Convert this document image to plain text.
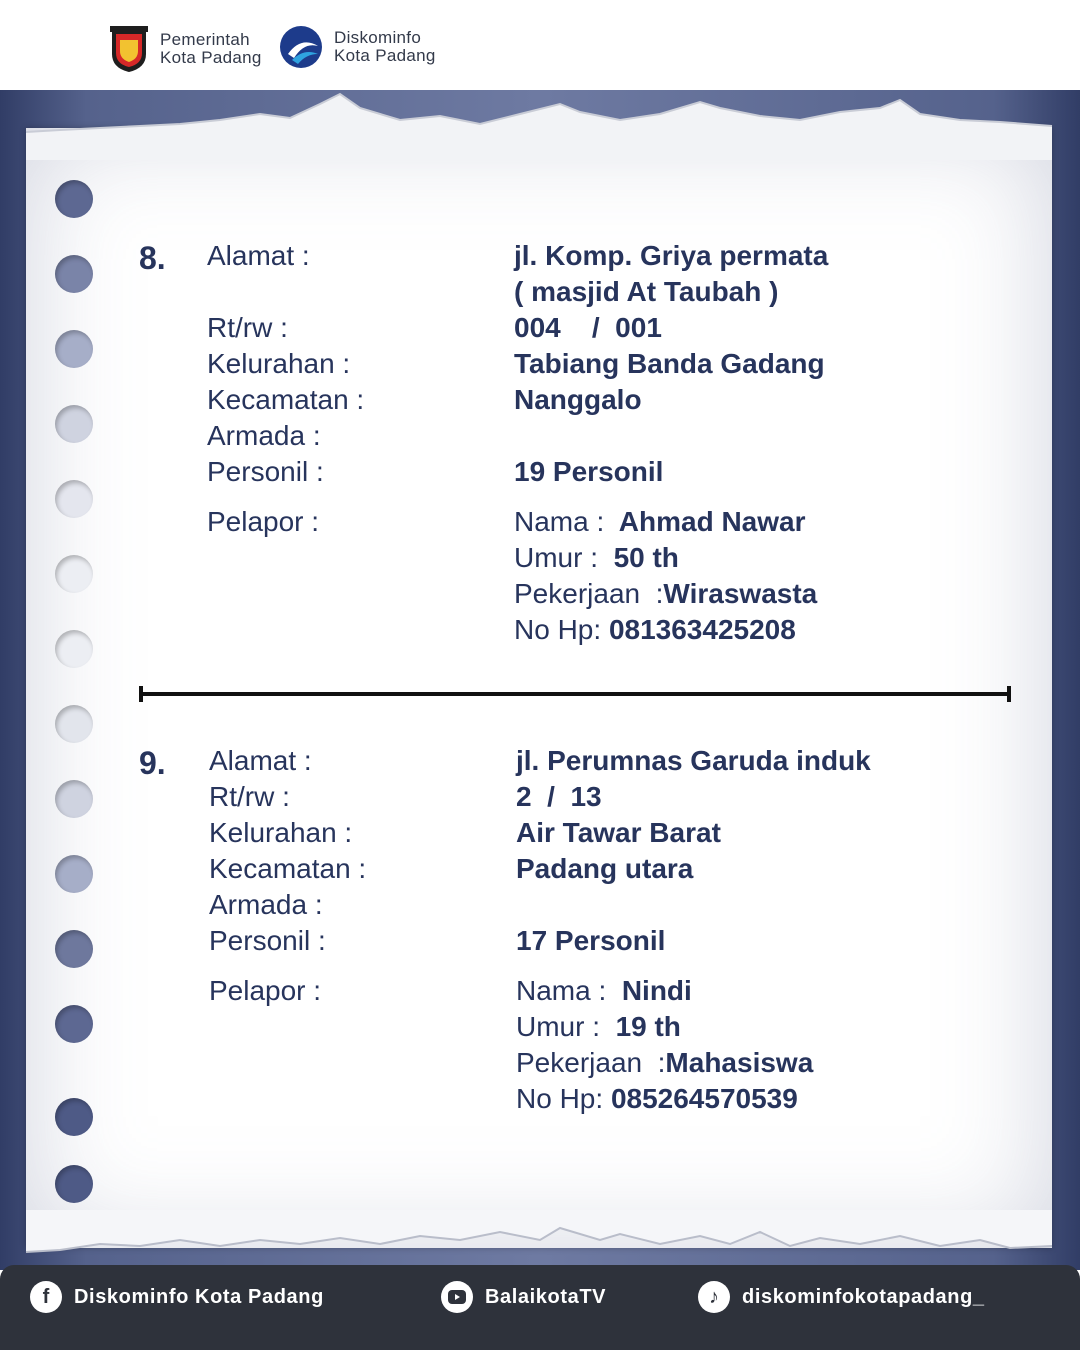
Pemerintah
Kota Padang
Diskominfo
Kota Padang
8. Alamat :	jl. Komp. Griya permata
( masjid At Taubah )
Rt/rw :	004    /  001
Kelurahan :	Tabiang Banda Gadang
Kecamatan :	Nanggalo
Armada :
Personil :	19 Personil
Pelapor :	Nama : Ahmad Nawar
Umur : 50 th
Pekerjaan  :Wiraswasta
No Hp: 081363425208
9. Alamat :	jl. Perumnas Garuda induk
Rt/rw :	2  /  13
Kelurahan :	Air Tawar Barat
Kecamatan :	Padang utara
Armada :
Personil :	17 Personil
Pelapor :	Nama : Nindi
Umur : 19 th
Pekerjaan  :Mahasiswa
No Hp: 085264570539
f	Diskominfo Kota Padang	BalaikotaTV	♪	diskominfokotapadang_
